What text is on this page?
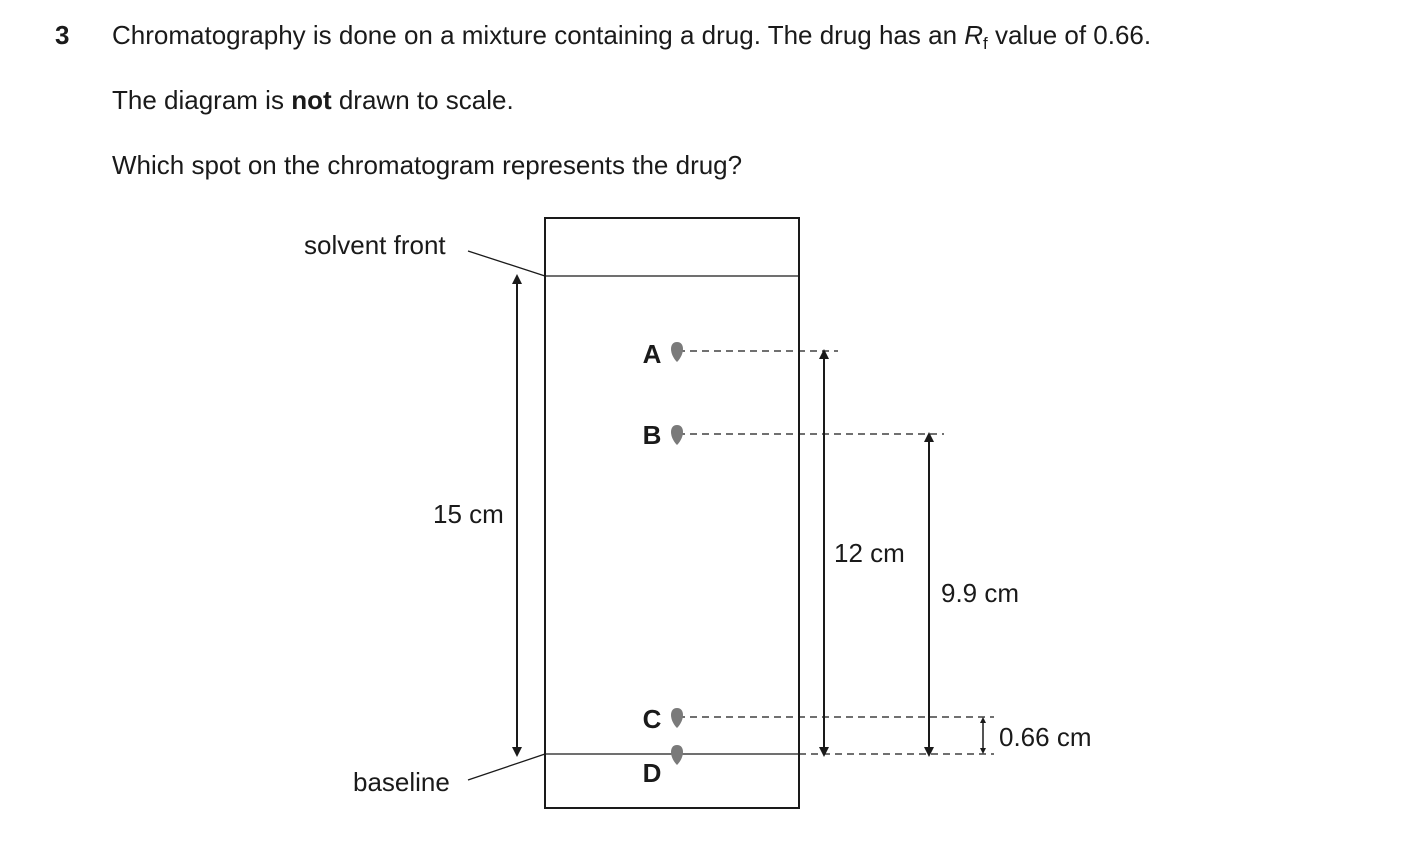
3 Chromatography is done on a mixture containing a drug. The drug has an Rf value of 0.66.
The diagram is not drawn to scale.
Which spot on the chromatogram represents the drug?
solvent front
baseline
15 cm
12 cm
9.9 cm
0.66 cm
A
B
C
D
